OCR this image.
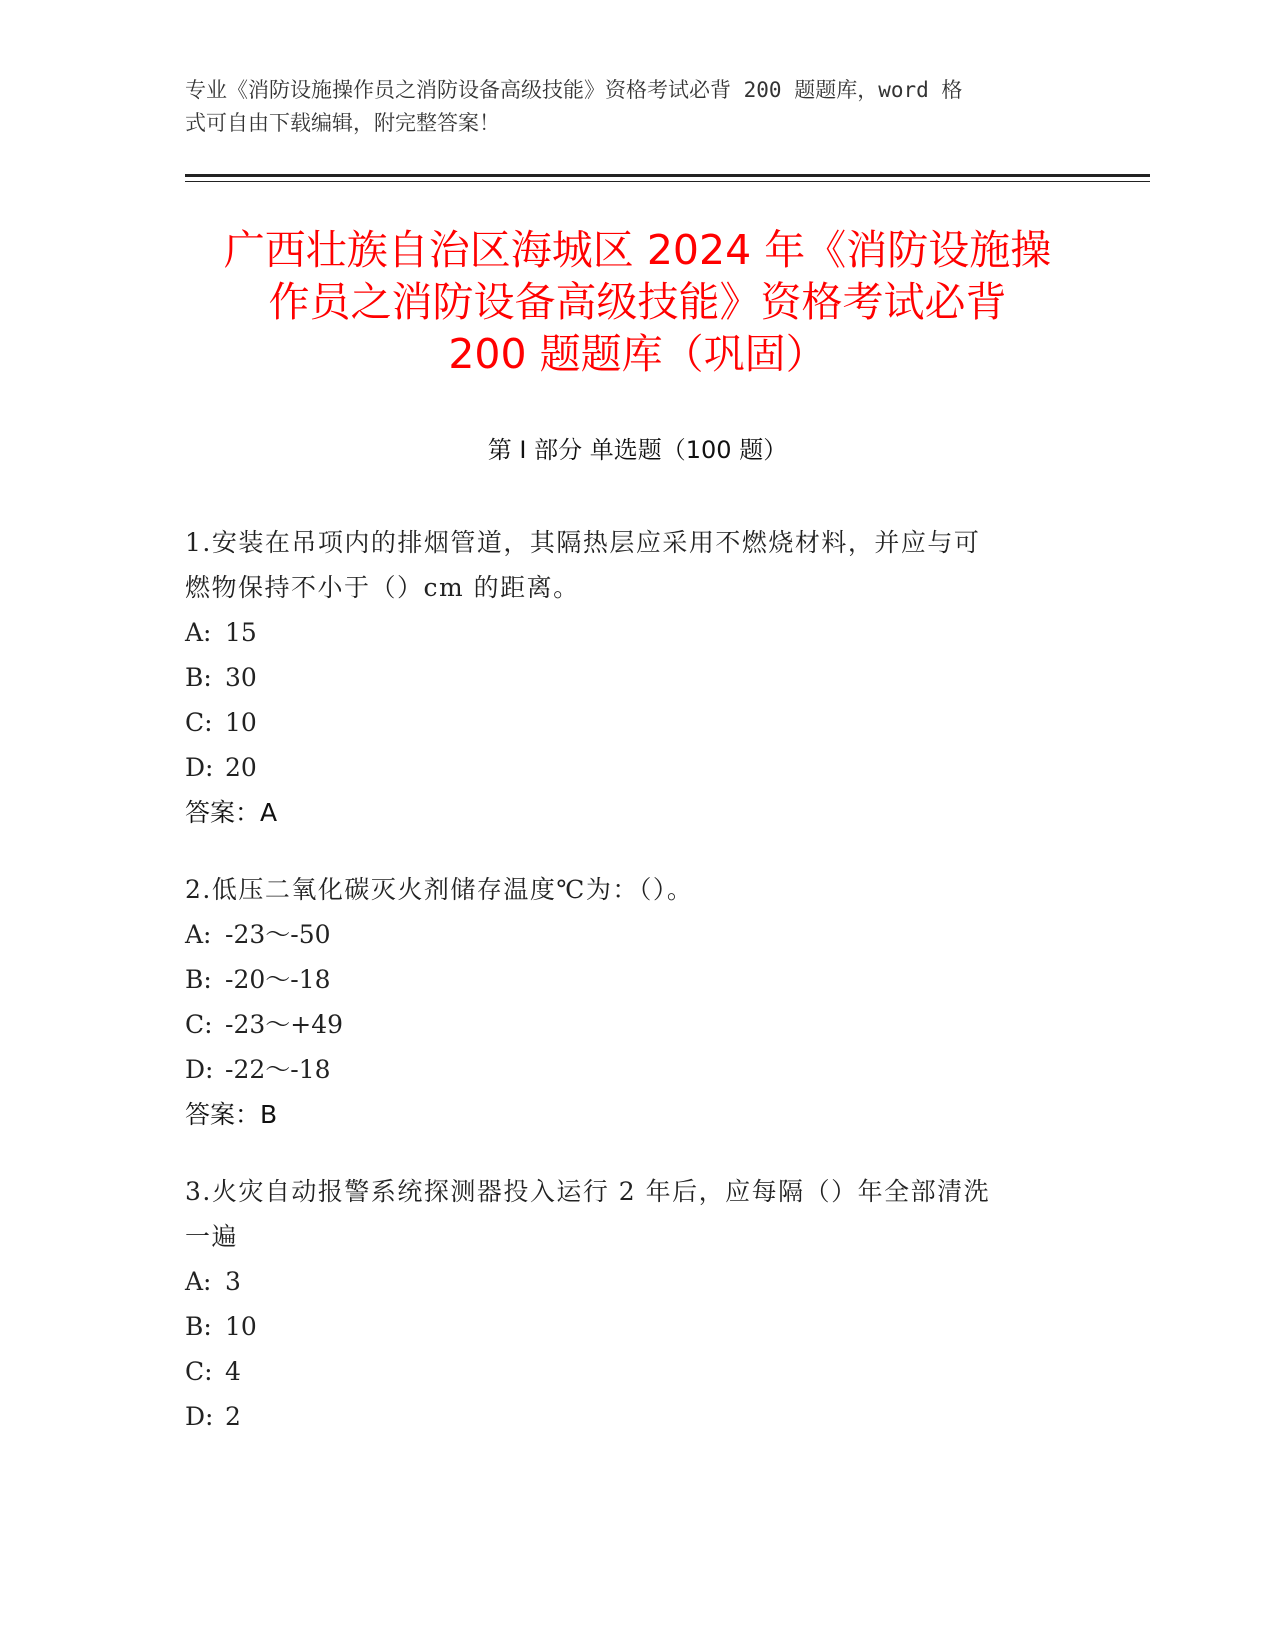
专业《消防设施操作员之消防设备高级技能》资格考试必背 200 题题库，word 格
式可自由下载编辑，附完整答案！
广西壮族自治区海城区 2024 年《消防设施操
作员之消防设备高级技能》资格考试必背
200 题题库（巩固）
第 I 部分 单选题（100 题）
1.安装在吊项内的排烟管道，其隔热层应采用不燃烧材料，并应与可
燃物保持不小于（）cm 的距离。
A: 15
B: 30
C: 10
D: 20
答案：A
2.低压二氧化碳灭火剂储存温度℃为：（）。
A: -23～-50
B: -20～-18
C: -23～+49
D: -22～-18
答案：B
3.火灾自动报警系统探测器投入运行 2 年后，应每隔（）年全部清洗
一遍
A: 3
B: 10
C: 4
D: 2
